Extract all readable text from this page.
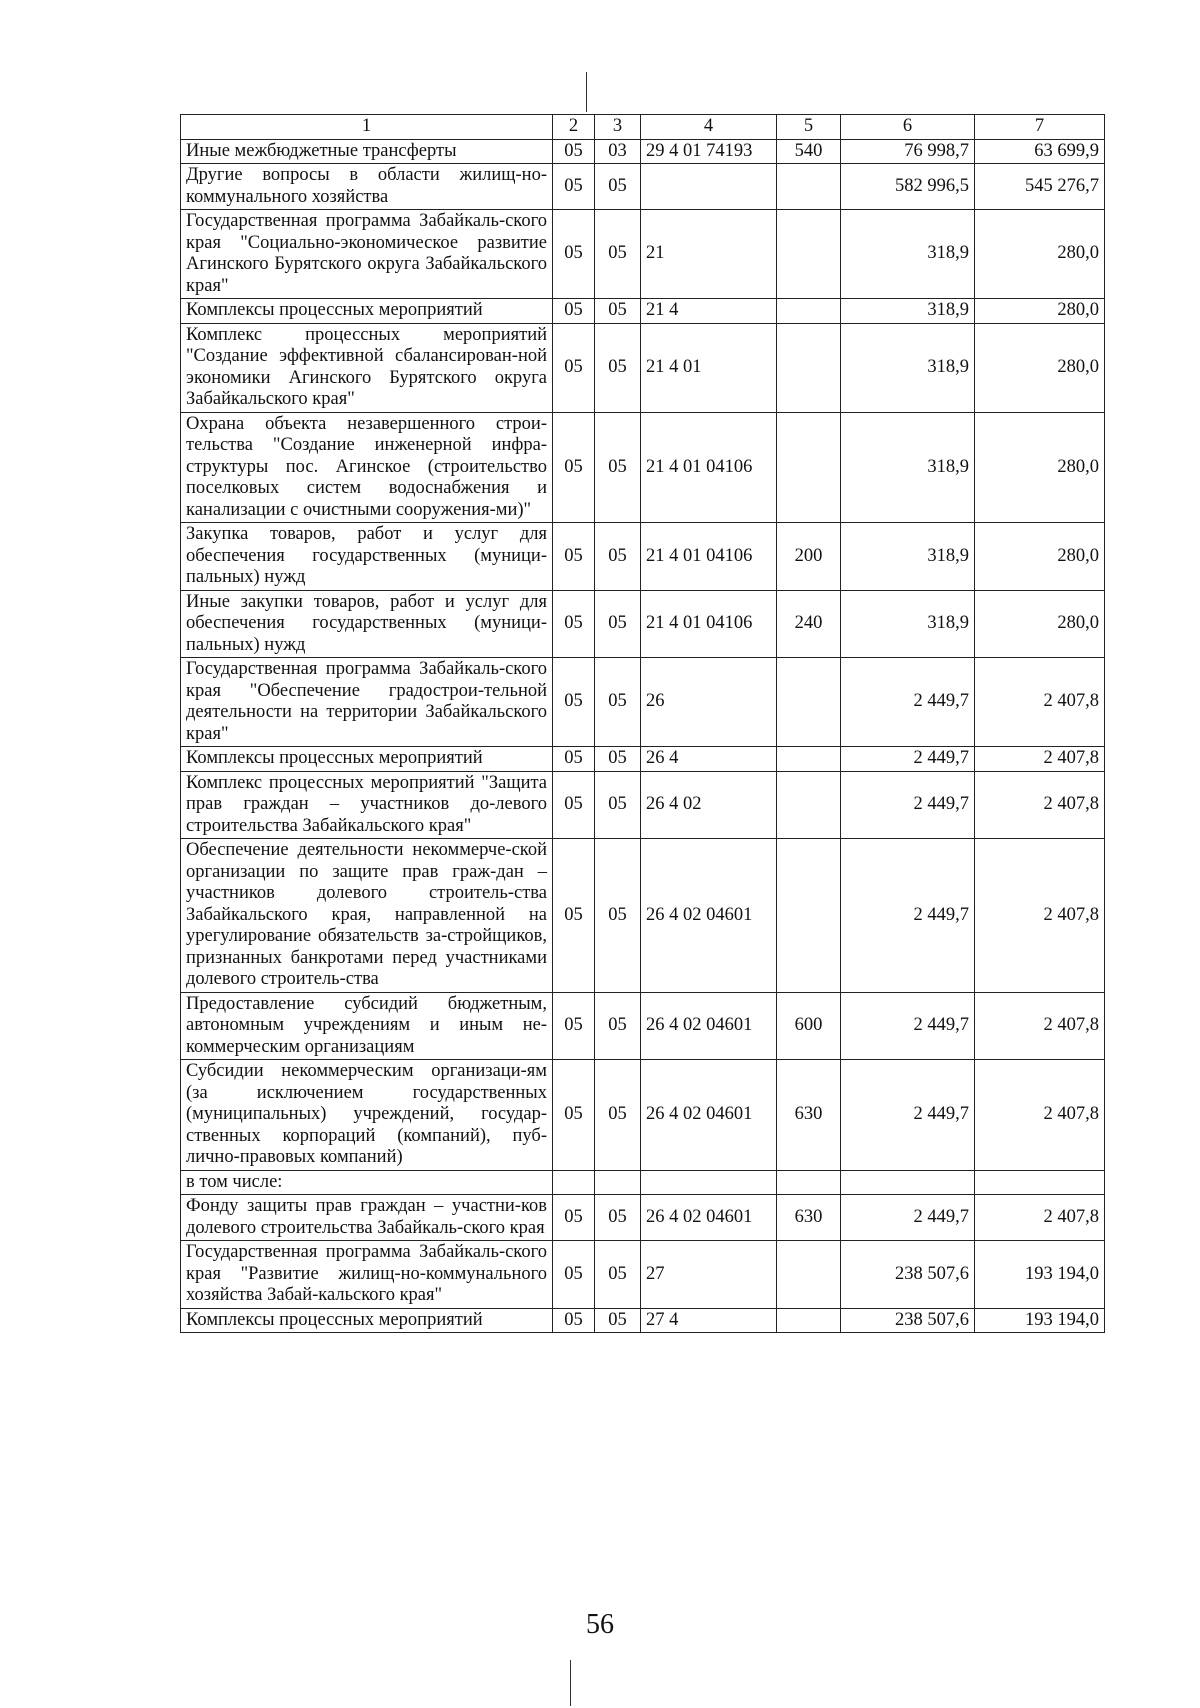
1	2	3	4	5	6	7
Иные межбюджетные трансферты	05	03	29 4 01 74193	540	76 998,7	63 699,9
Другие вопросы в области жилищ-но-коммунального хозяйства	05	05			582 996,5	545 276,7
Государственная программа Забайкаль-ского края "Социально-экономическое развитие Агинского Бурятского округа Забайкальского края"	05	05	21		318,9	280,0
Комплексы процессных мероприятий	05	05	21 4		318,9	280,0
Комплекс процессных мероприятий "Создание эффективной сбалансирован-ной экономики Агинского Бурятского округа Забайкальского края"	05	05	21 4 01		318,9	280,0
Охрана объекта незавершенного строи-тельства "Создание инженерной инфра-структуры пос. Агинское (строительство поселковых систем водоснабжения и канализации с очистными сооружения-ми)"	05	05	21 4 01 04106		318,9	280,0
Закупка товаров, работ и услуг для обеспечения государственных (муници-пальных) нужд	05	05	21 4 01 04106	200	318,9	280,0
Иные закупки товаров, работ и услуг для обеспечения государственных (муници-пальных) нужд	05	05	21 4 01 04106	240	318,9	280,0
Государственная программа Забайкаль-ского края "Обеспечение градострои-тельной деятельности на территории Забайкальского края"	05	05	26		2 449,7	2 407,8
Комплексы процессных мероприятий	05	05	26 4		2 449,7	2 407,8
Комплекс процессных мероприятий "Защита прав граждан – участников до-левого строительства Забайкальского края"	05	05	26 4 02		2 449,7	2 407,8
Обеспечение деятельности некоммерче-ской организации по защите прав граж-дан – участников долевого строитель-ства Забайкальского края, направленной на урегулирование обязательств за-стройщиков, признанных банкротами перед участниками долевого строитель-ства	05	05	26 4 02 04601		2 449,7	2 407,8
Предоставление субсидий бюджетным, автономным учреждениям и иным не-коммерческим организациям	05	05	26 4 02 04601	600	2 449,7	2 407,8
Субсидии некоммерческим организаци-ям (за исключением государственных (муниципальных) учреждений, государ-ственных корпораций (компаний), пуб-лично-правовых компаний)	05	05	26 4 02 04601	630	2 449,7	2 407,8
в том числе:						
Фонду защиты прав граждан – участни-ков долевого строительства Забайкаль-ского края	05	05	26 4 02 04601	630	2 449,7	2 407,8
Государственная программа Забайкаль-ского края "Развитие жилищ-но-коммунального хозяйства Забай-кальского края"	05	05	27		238 507,6	193 194,0
Комплексы процессных мероприятий	05	05	27 4		238 507,6	193 194,0
56
